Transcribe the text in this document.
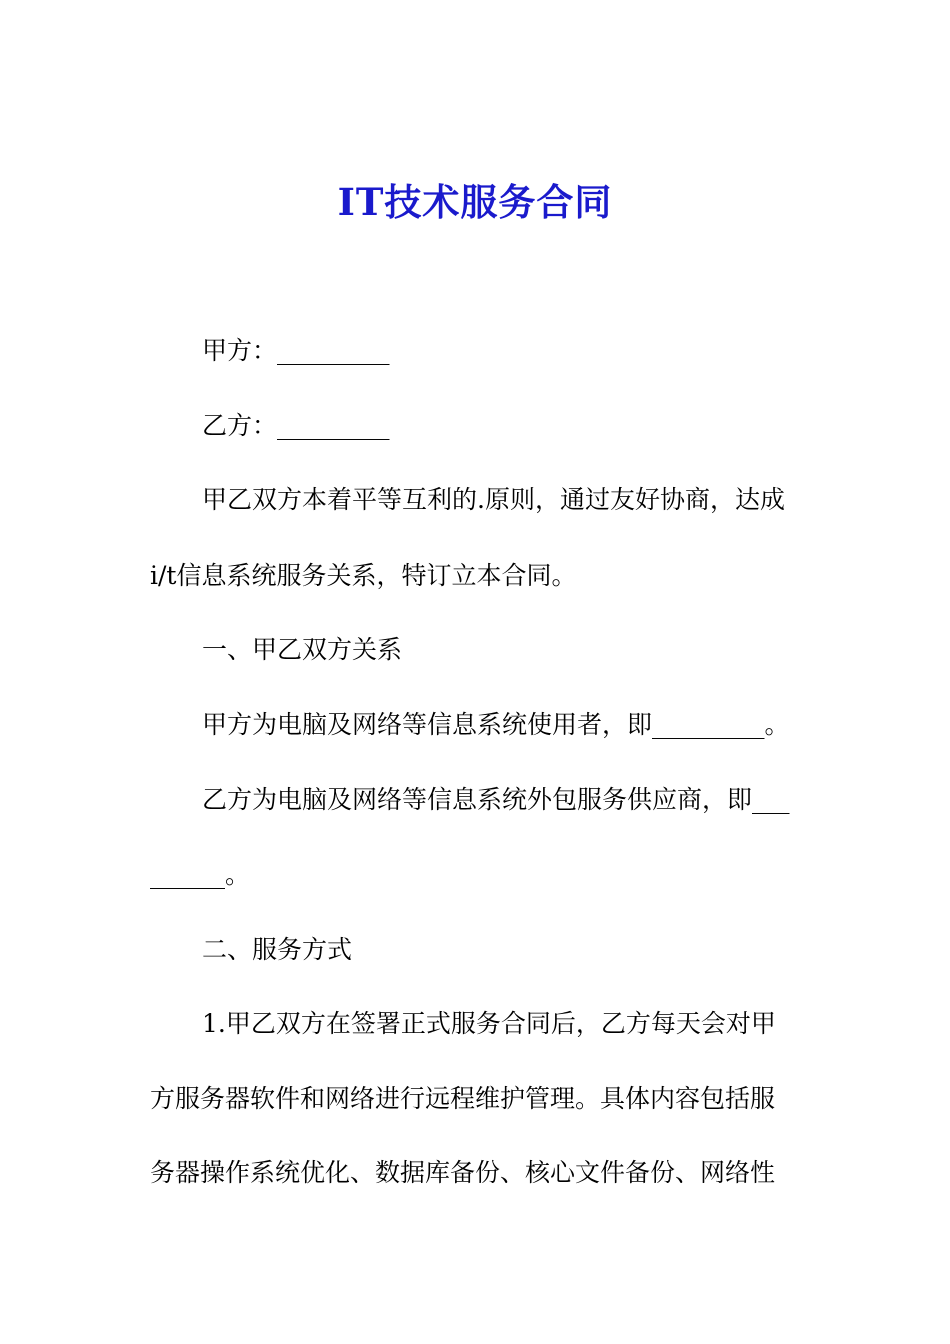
IT技术服务合同
甲方：_________
乙方：_________
甲乙双方本着平等互利的.原则，通过友好协商，达成
i/t信息系统服务关系，特订立本合同。
一、甲乙双方关系
甲方为电脑及网络等信息系统使用者，即_________。
乙方为电脑及网络等信息系统外包服务供应商，即___
______。
二、服务方式
1.甲乙双方在签署正式服务合同后，乙方每天会对甲
方服务器软件和网络进行远程维护管理。具体内容包括服
务器操作系统优化、数据库备份、核心文件备份、网络性
